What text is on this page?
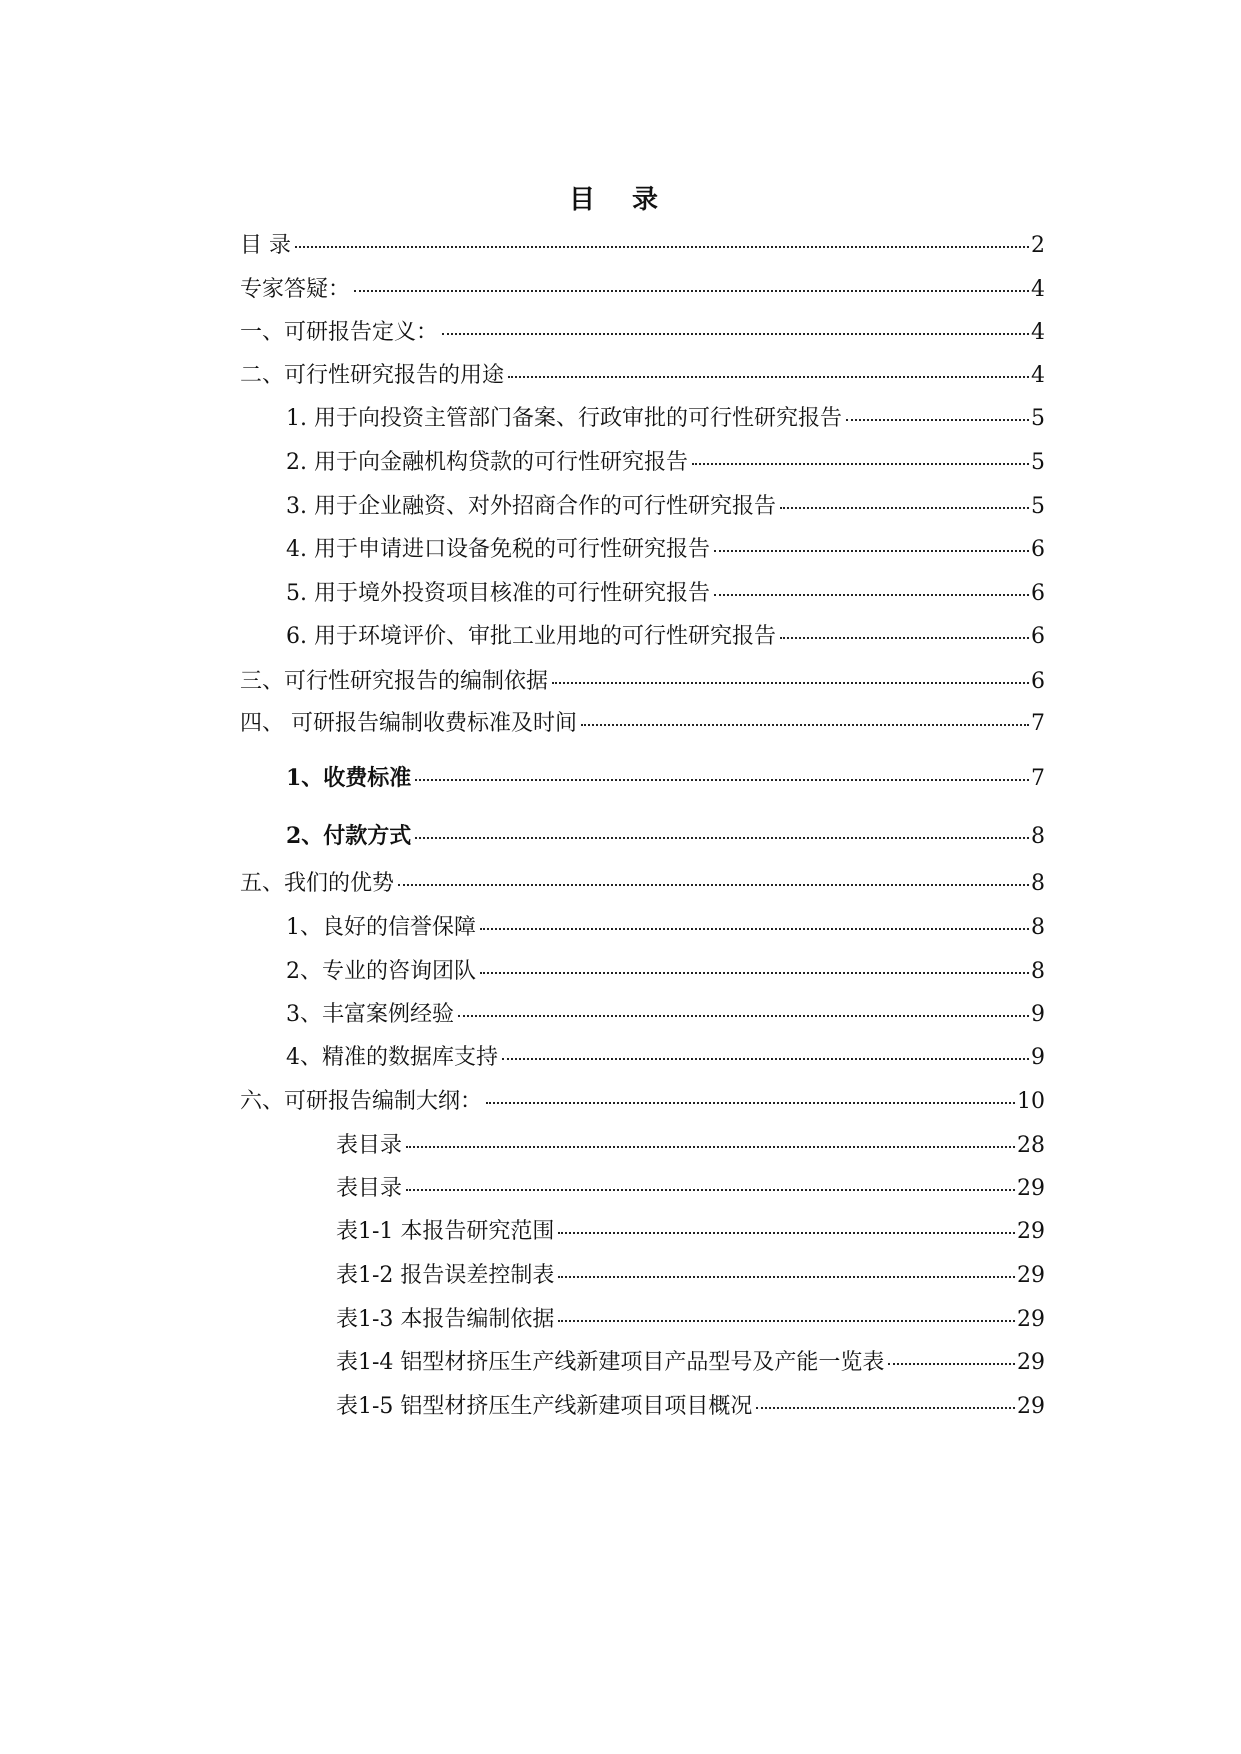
目 录
目 录	2
专家答疑：	4
一、可研报告定义：	4
二、可行性研究报告的用途	4
1. 用于向投资主管部门备案、行政审批的可行性研究报告	5
2. 用于向金融机构贷款的可行性研究报告	5
3. 用于企业融资、对外招商合作的可行性研究报告	5
4. 用于申请进口设备免税的可行性研究报告	6
5. 用于境外投资项目核准的可行性研究报告	6
6. 用于环境评价、审批工业用地的可行性研究报告	6
三、可行性研究报告的编制依据	6
四、 可研报告编制收费标准及时间	7
1、收费标准	7
2、付款方式	8
五、我们的优势	8
1、良好的信誉保障	8
2、专业的咨询团队	8
3、丰富案例经验	9
4、精准的数据库支持	9
六、可研报告编制大纲：	10
表目录	28
表目录	29
表1-1 本报告研究范围	29
表1-2 报告误差控制表	29
表1-3 本报告编制依据	29
表1-4 铝型材挤压生产线新建项目产品型号及产能一览表	29
表1-5 铝型材挤压生产线新建项目项目概况	29
